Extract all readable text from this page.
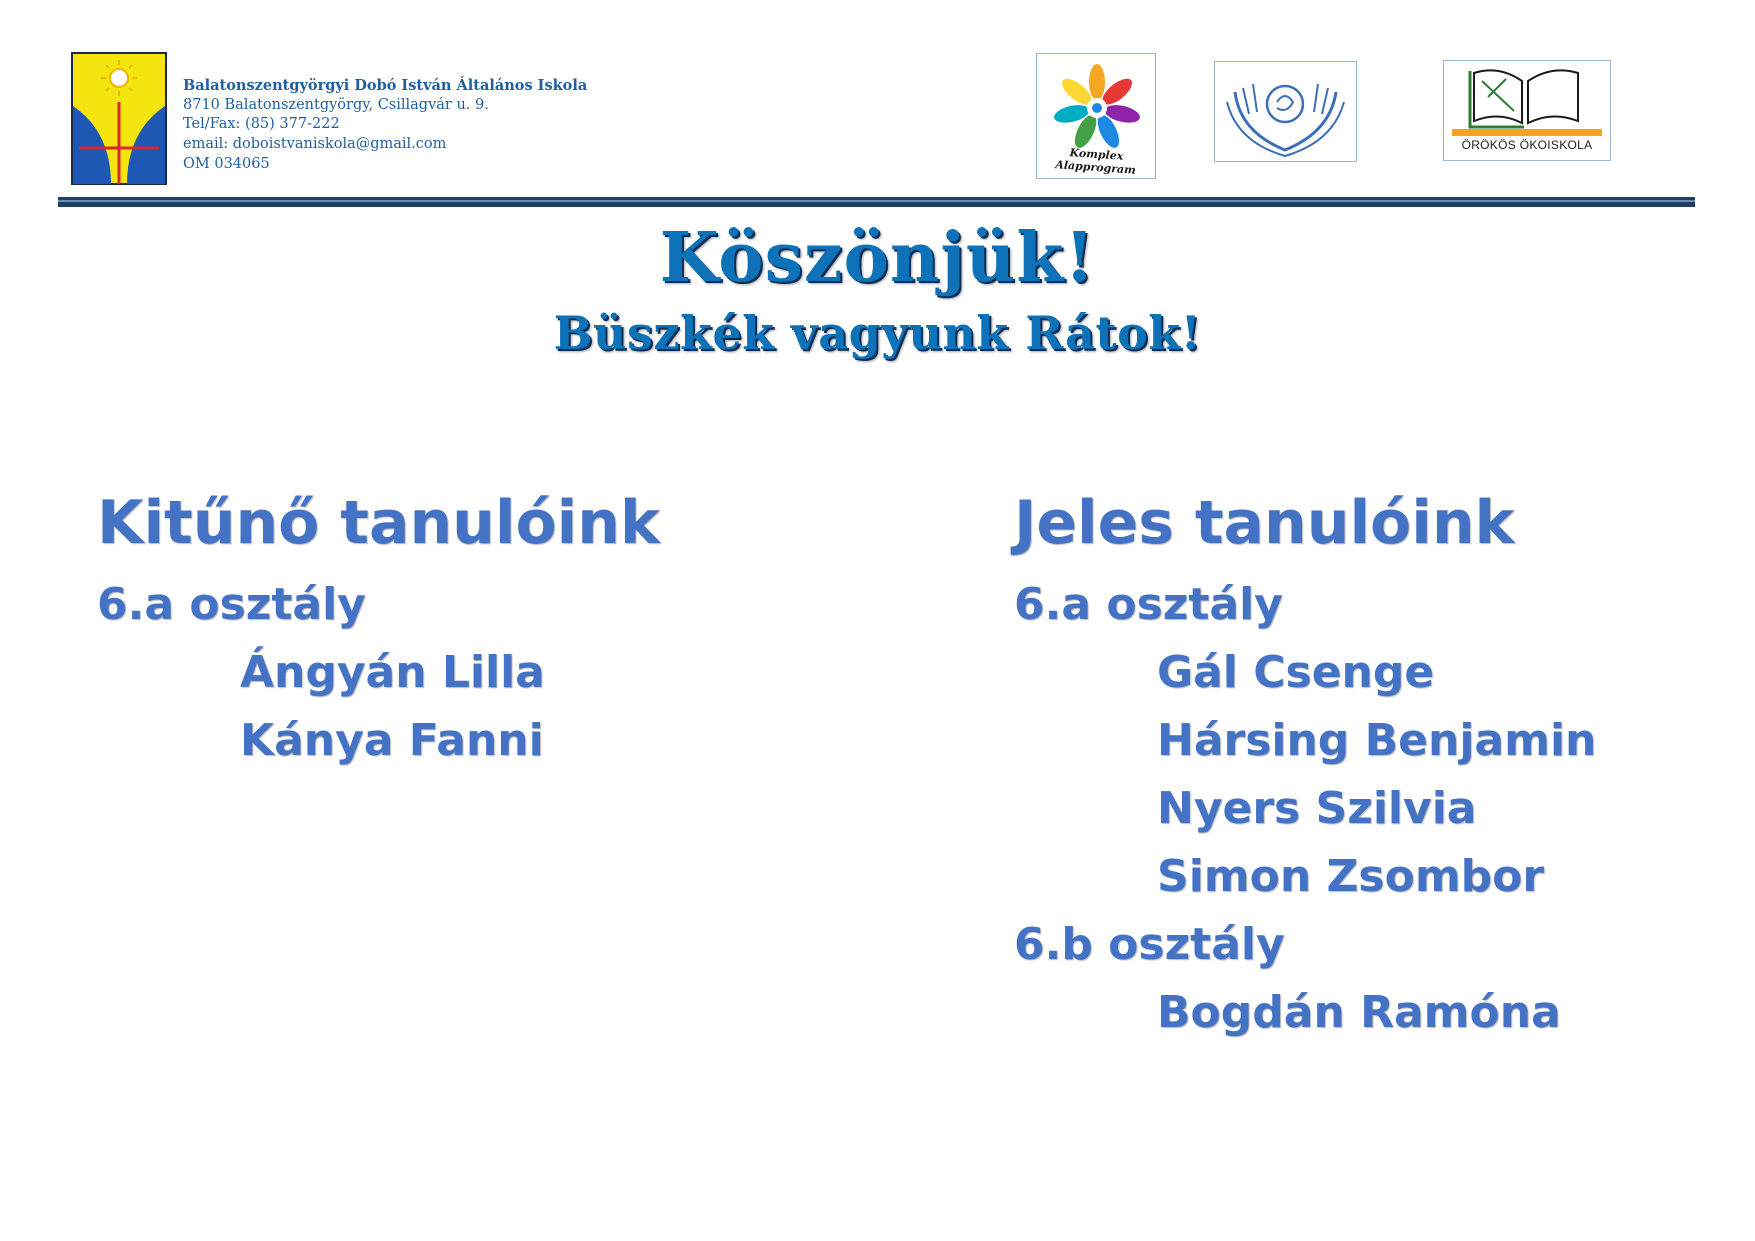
Balatonszentgyörgyi Dobó István Általános Iskola
8710 Balatonszentgyörgy, Csillagvár u. 9.
Tel/Fax: (85) 377-222
email: doboistvaniskola@gmail.com
OM 034065
Komplex Alapprogram
ÖRÖKÖS ÖKOISKOLA
Köszönjük!
Büszkék vagyunk Rátok!
Kitűnő tanulóink
6.a osztály
Ángyán Lilla
Kánya Fanni
Jeles tanulóink
6.a osztály
Gál Csenge
Hársing Benjamin
Nyers Szilvia
Simon Zsombor
6.b osztály
Bogdán Ramóna
